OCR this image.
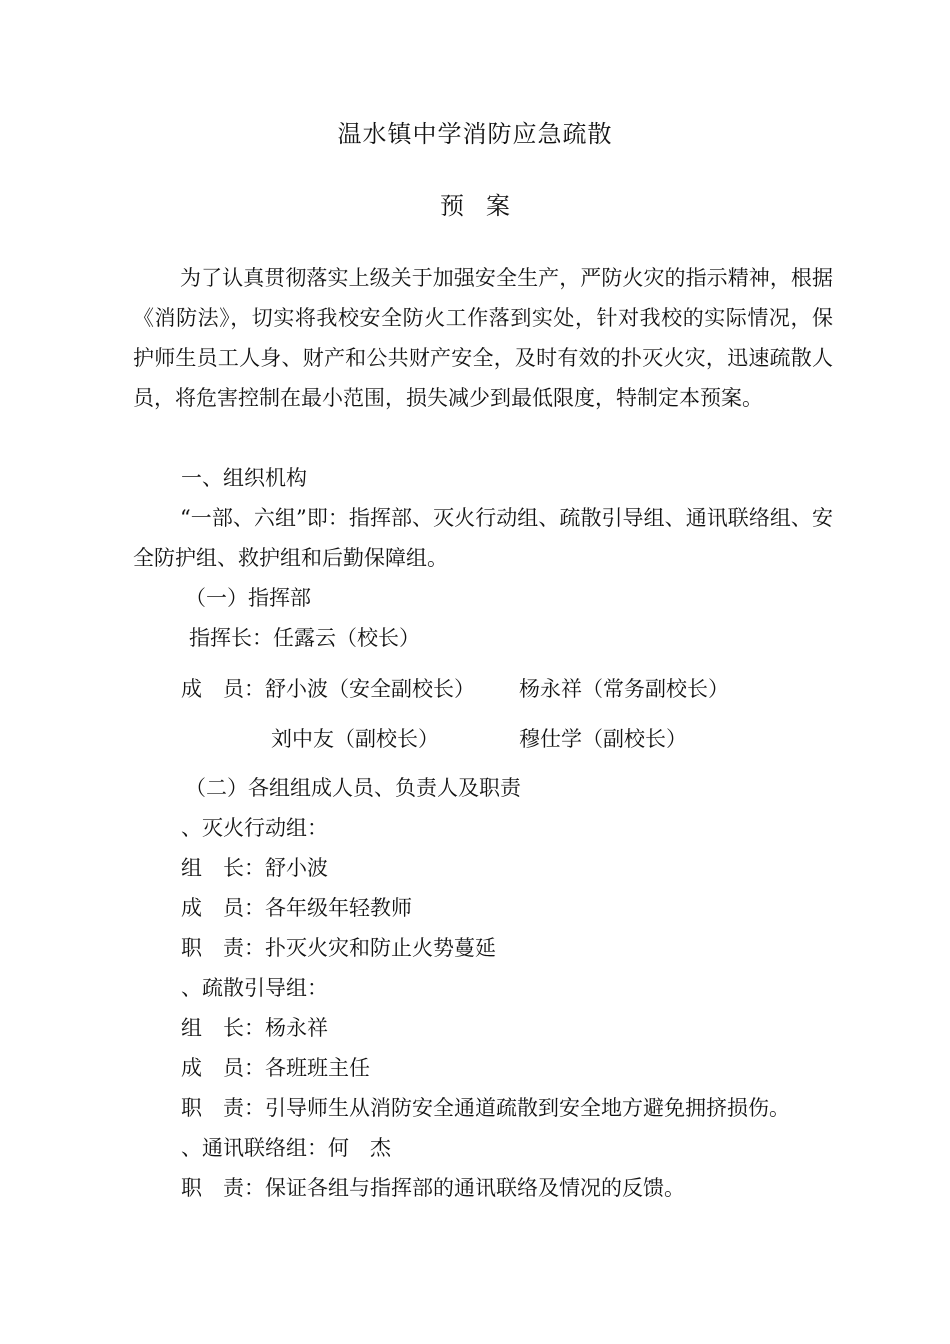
温水镇中学消防应急疏散
预案
为了认真贯彻落实上级关于加强安全生产，严防火灾的指示精神，根据《消防法》，切实将我校安全防火工作落到实处，针对我校的实际情况，保护师生员工人身、财产和公共财产安全，及时有效的扑灭火灾，迅速疏散人员，将危害控制在最小范围，损失减少到最低限度，特制定本预案。
一、组织机构
“一部、六组”即：指挥部、灭火行动组、疏散引导组、通讯联络组、安全防护组、救护组和后勤保障组。
（一）指挥部
指挥长：任露云（校长）
成　员：舒小波（安全副校长） 杨永祥（常务副校长）
刘中友（副校长）	穆仕学（副校长）
（二）各组组成人员、负责人及职责
、灭火行动组：
组　长：舒小波
成　员：各年级年轻教师
职　责：扑灭火灾和防止火势蔓延
、疏散引导组：
组　长：杨永祥
成　员：各班班主任
职　责：引导师生从消防安全通道疏散到安全地方避免拥挤损伤。
、通讯联络组：何　杰
职　责：保证各组与指挥部的通讯联络及情况的反馈。
